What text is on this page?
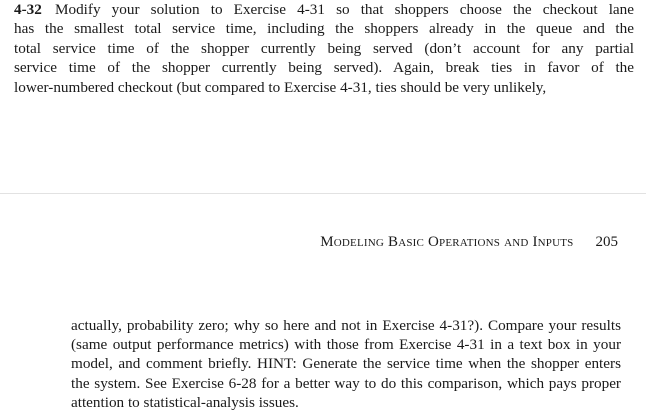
4-32 Modify your solution to Exercise 4-31 so that shoppers choose the checkout lane
has the smallest total service time, including the shoppers already in the queue and the
total service time of the shopper currently being served (don’t account for any partial
service time of the shopper currently being served). Again, break ties in favor of the
lower-numbered checkout (but compared to Exercise 4-31, ties should be very unlikely,
Modeling Basic Operations and Inputs 205
actually, probability zero; why so here and not in Exercise 4-31?). Compare your results
(same output performance metrics) with those from Exercise 4-31 in a text box in your
model, and comment briefly. HINT: Generate the service time when the shopper enters
the system. See Exercise 6-28 for a better way to do this comparison, which pays proper
attention to statistical-analysis issues.
